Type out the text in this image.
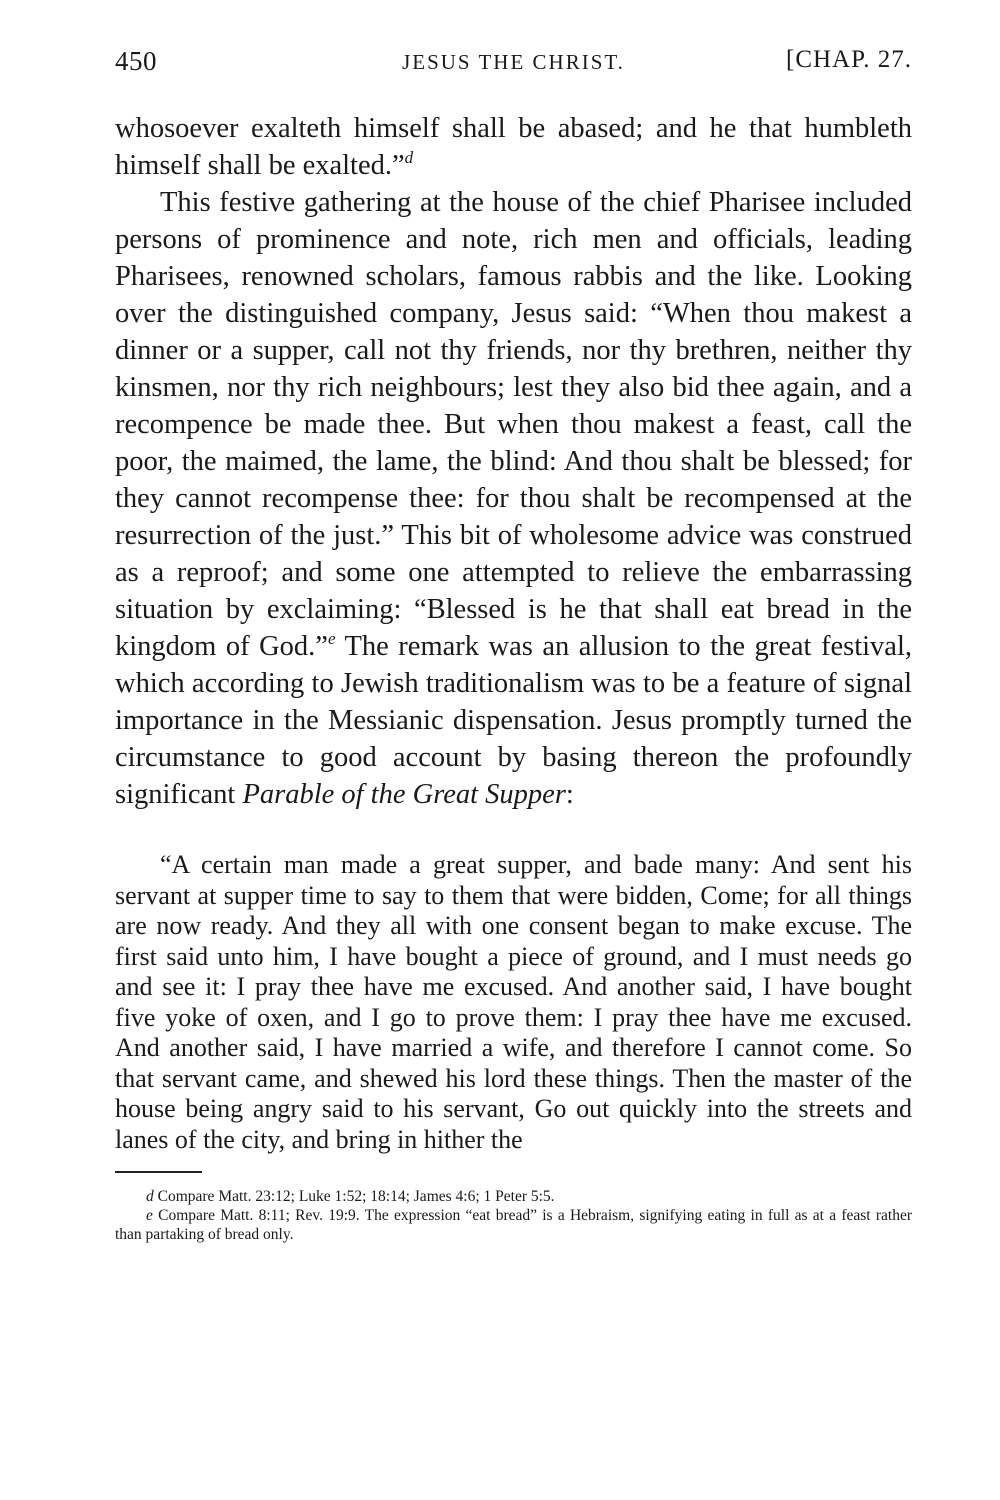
450	JESUS THE CHRIST.	[CHAP. 27.

whosoever exalteth himself shall be abased; and he that humbleth himself shall be exalted.”$^d$

This festive gathering at the house of the chief Pharisee included persons of prominence and note, rich men and officials, leading Pharisees, renowned scholars, famous rabbis and the like. Looking over the distinguished company, Jesus said: “When thou makest a dinner or a supper, call not thy friends, nor thy brethren, neither thy kinsmen, nor thy rich neighbours; lest they also bid thee again, and a recompence be made thee. But when thou makest a feast, call the poor, the maimed, the lame, the blind: And thou shalt be blessed; for they cannot recompense thee: for thou shalt be recompensed at the resurrection of the just.” This bit of wholesome advice was construed as a reproof; and some one attempted to relieve the embarrassing situation by exclaiming: “Blessed is he that shall eat bread in the kingdom of God.”$^e$ The remark was an allusion to the great festival, which according to Jewish traditionalism was to be a feature of signal importance in the Messianic dispensation. Jesus promptly turned the circumstance to good account by basing thereon the profoundly significant Parable of the Great Supper:

“A certain man made a great supper, and bade many: And sent his servant at supper time to say to them that were bidden, Come; for all things are now ready. And they all with one consent began to make excuse. The first said unto him, I have bought a piece of ground, and I must needs go and see it: I pray thee have me excused. And another said, I have bought five yoke of oxen, and I go to prove them: I pray thee have me excused. And another said, I have married a wife, and therefore I cannot come. So that servant came, and shewed his lord these things. Then the master of the house being angry said to his servant, Go out quickly into the streets and lanes of the city, and bring in hither the

d Compare Matt. 23:12; Luke 1:52; 18:14; James 4:6; 1 Peter 5:5.

e Compare Matt. 8:11; Rev. 19:9. The expression “eat bread” is a Hebraism, signifying eating in full as at a feast rather than partaking of bread only.
